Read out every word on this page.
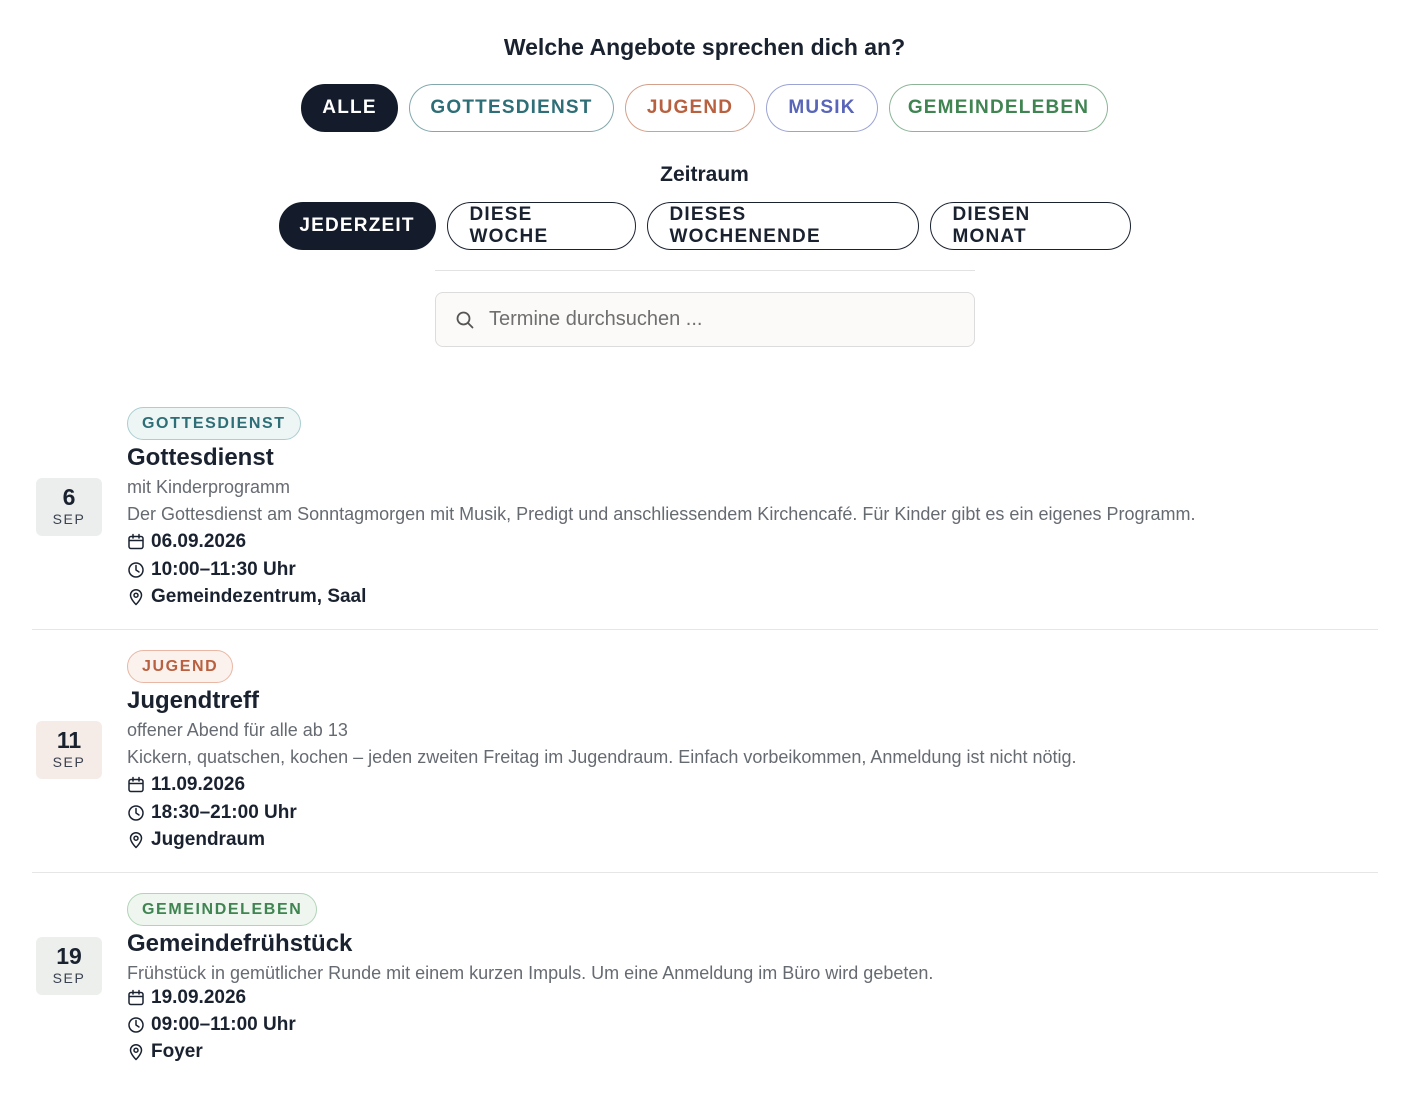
Welche Angebote sprechen dich an?
ALLE	GOTTESDIENST	JUGEND	MUSIK	GEMEINDELEBEN
Zeitraum
JEDERZEIT
DIESE WOCHE
DIESES WOCHENENDE
DIESEN MONAT
Termine durchsuchen ...
6
SEP
GOTTESDIENST
Gottesdienst
mit Kinderprogramm
Der Gottesdienst am Sonntagmorgen mit Musik, Predigt und anschliessendem Kirchencafé. Für Kinder gibt es ein eigenes Programm.
06.09.2026
10:00–11:30 Uhr
Gemeindezentrum, Saal
11
SEP
JUGEND
Jugendtreff
offener Abend für alle ab 13
Kickern, quatschen, kochen – jeden zweiten Freitag im Jugendraum. Einfach vorbeikommen, Anmeldung ist nicht nötig.
11.09.2026
18:30–21:00 Uhr
Jugendraum
19
SEP
GEMEINDELEBEN
Gemeindefrühstück
Frühstück in gemütlicher Runde mit einem kurzen Impuls. Um eine Anmeldung im Büro wird gebeten.
19.09.2026
09:00–11:00 Uhr
Foyer
